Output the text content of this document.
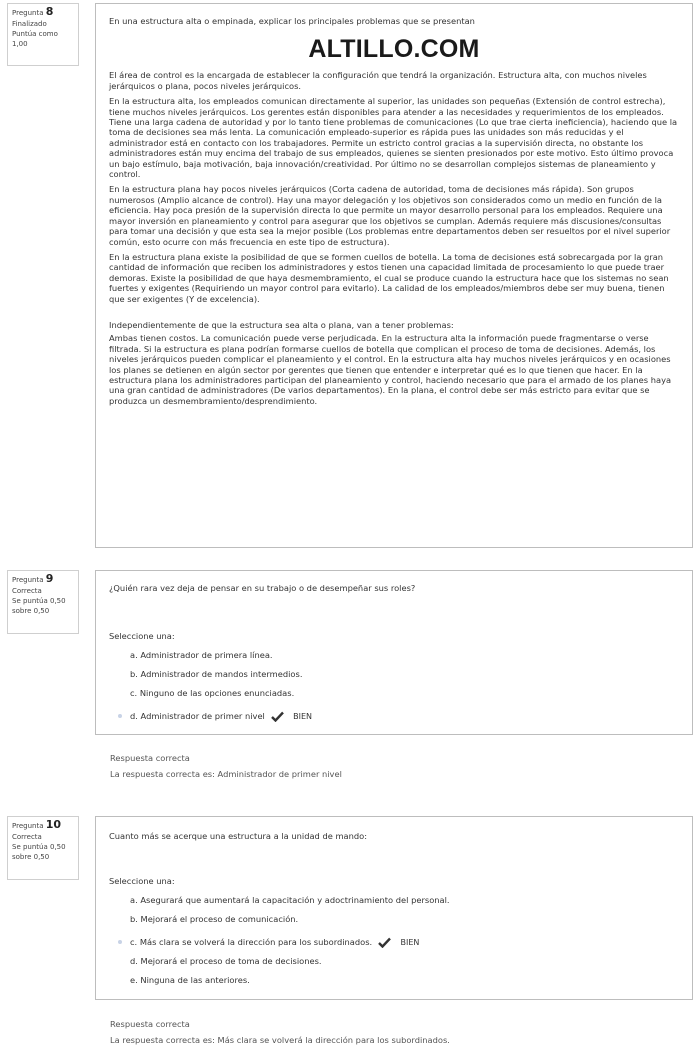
Pregunta 8
Finalizado
Puntúa como 1,00
En una estructura alta o empinada, explicar los principales problemas que se presentan
ALTILLO.COM

El área de control es la encargada de establecer la configuración que tendrá la organización. Estructura alta, con muchos niveles jerárquicos o plana, pocos niveles jerárquicos.

En la estructura alta, los empleados comunican directamente al superior, las unidades son pequeñas (Extensión de control estrecha), tiene muchos niveles jerárquicos. Los gerentes están disponibles para atender a las necesidades y requerimientos de los empleados. Tiene una larga cadena de autoridad y por lo tanto tiene problemas de comunicaciones (Lo que trae cierta ineficiencia), haciendo que la toma de decisiones sea más lenta. La comunicación empleado-superior es rápida pues las unidades son más reducidas y el administrador está en contacto con los trabajadores. Permite un estricto control gracias a la supervisión directa, no obstante los administradores están muy encima del trabajo de sus empleados, quienes se sienten presionados por este motivo. Esto último provoca un bajo estímulo, baja motivación, baja innovación/creatividad. Por último no se desarrollan complejos sistemas de planeamiento y control.

En la estructura plana hay pocos niveles jerárquicos (Corta cadena de autoridad, toma de decisiones más rápida). Son grupos numerosos (Amplio alcance de control). Hay una mayor delegación y los objetivos son considerados como un medio en función de la eficiencia. Hay poca presión de la supervisión directa lo que permite un mayor desarrollo personal para los empleados. Requiere una mayor inversión en planeamiento y control para asegurar que los objetivos se cumplan. Además requiere más discusiones/consultas para tomar una decisión y que esta sea la mejor posible (Los problemas entre departamentos deben ser resueltos por el nivel superior común, esto ocurre con más frecuencia en este tipo de estructura).

En la estructura plana existe la posibilidad de que se formen cuellos de botella. La toma de decisiones está sobrecargada por la gran cantidad de información que reciben los administradores y estos tienen una capacidad limitada de procesamiento lo que puede traer demoras. Existe la posibilidad de que haya desmembramiento, el cual se produce cuando la estructura hace que los sistemas no sean fuertes y exigentes (Requiriendo un mayor control para evitarlo). La calidad de los empleados/miembros debe ser muy buena, tienen que ser exigentes (Y de excelencia).

Independientemente de que la estructura sea alta o plana, van a tener problemas:

Ambas tienen costos. La comunicación puede verse perjudicada. En la estructura alta la información puede fragmentarse o verse filtrada. Si la estructura es plana podrían formarse cuellos de botella que complican el proceso de toma de decisiones. Además, los niveles jerárquicos pueden complicar el planeamiento y el control. En la estructura alta hay muchos niveles jerárquicos y en ocasiones los planes se detienen en algún sector por gerentes que tienen que entender e interpretar qué es lo que tienen que hacer. En la estructura plana los administradores participan del planeamiento y control, haciendo necesario que para el armado de los planes haya una gran cantidad de administradores (De varios departamentos). En la plana, el control debe ser más estricto para evitar que se produzca un desmembramiento/desprendimiento.

Pregunta 9
Correcta
Se puntúa 0,50 sobre 0,50
¿Quién rara vez deja de pensar en su trabajo o de desempeñar sus roles?
Seleccione una:
a. Administrador de primera línea.
b. Administrador de mandos intermedios.
c. Ninguno de las opciones enunciadas.
d. Administrador de primer nivel	BIEN
Respuesta correcta
La respuesta correcta es: Administrador de primer nivel
Pregunta 10
Correcta
Se puntúa 0,50 sobre 0,50
Cuanto más se acerque una estructura a la unidad de mando:
Seleccione una:
a. Asegurará que aumentará la capacitación y adoctrinamiento del personal.
b. Mejorará el proceso de comunicación.
c. Más clara se volverá la dirección para los subordinados.	BIEN
d. Mejorará el proceso de toma de decisiones.
e. Ninguna de las anteriores.
Respuesta correcta
La respuesta correcta es: Más clara se volverá la dirección para los subordinados.
